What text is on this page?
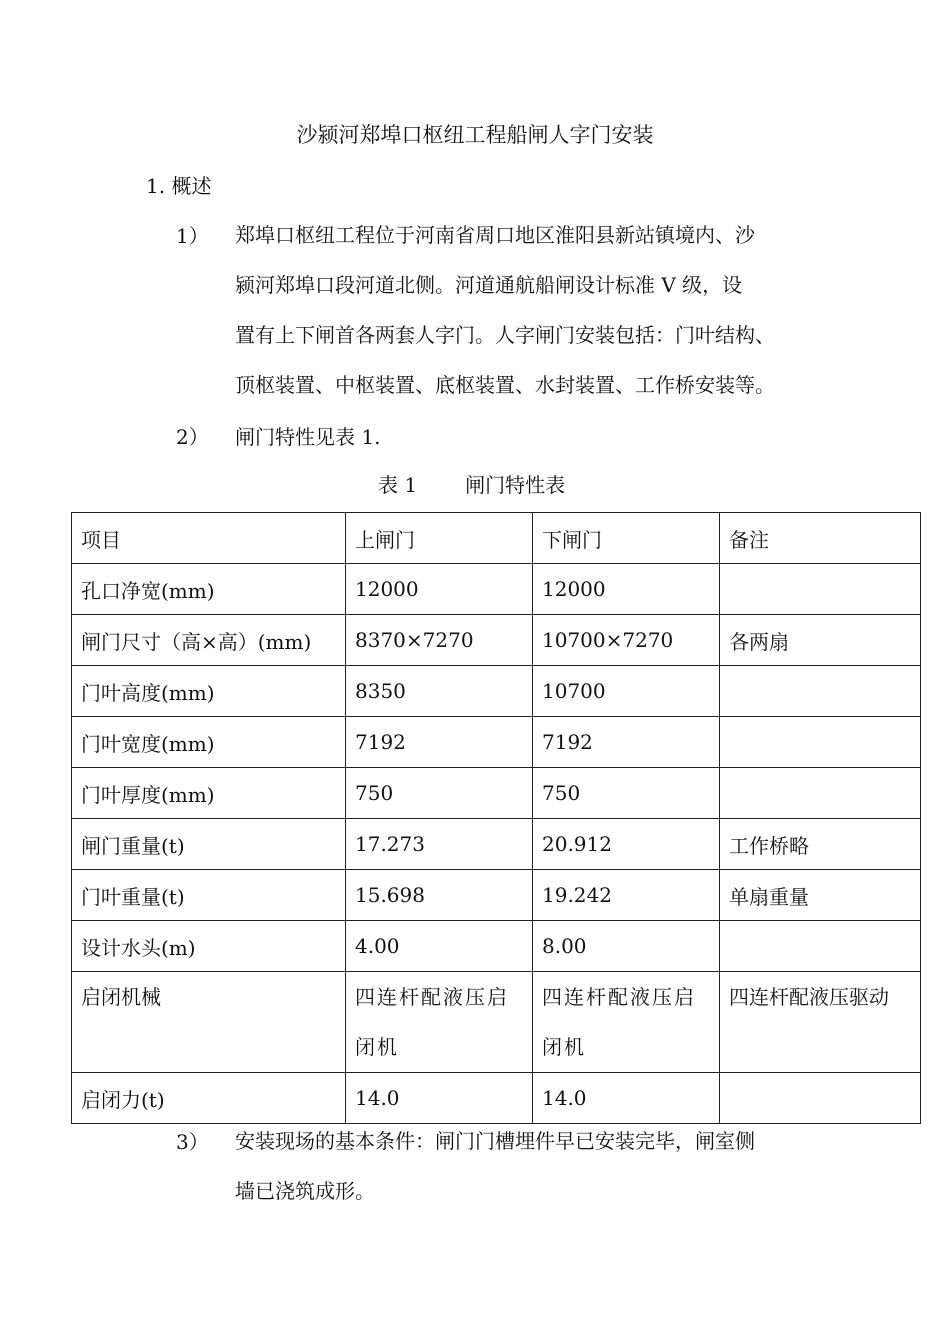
沙颍河郑埠口枢纽工程船闸人字门安装
1. 概述
1） 郑埠口枢纽工程位于河南省周口地区淮阳县新站镇境内、沙
颍河郑埠口段河道北侧。河道通航船闸设计标准 V 级，设
置有上下闸首各两套人字门。人字闸门安装包括：门叶结构、
顶枢装置、中枢装置、底枢装置、水封装置、工作桥安装等。
2） 闸门特性见表 1.
表 1 闸门特性表
项目	上闸门	下闸门	备注
孔口净宽(mm)	12000	12000	
闸门尺寸（高×高）(mm)	8370×7270	10700×7270	各两扇
门叶高度(mm)	8350	10700	
门叶宽度(mm)	7192	7192	
门叶厚度(mm)	750	750	
闸门重量(t)	17.273	20.912	工作桥略
门叶重量(t)	15.698	19.242	单扇重量
设计水头(m)	4.00	8.00	
启闭机械	四连杆配液压启闭机	四连杆配液压启闭机	四连杆配液压驱动
启闭力(t)	14.0	14.0	
3） 安装现场的基本条件：闸门门槽埋件早已安装完毕，闸室侧
墙已浇筑成形。
